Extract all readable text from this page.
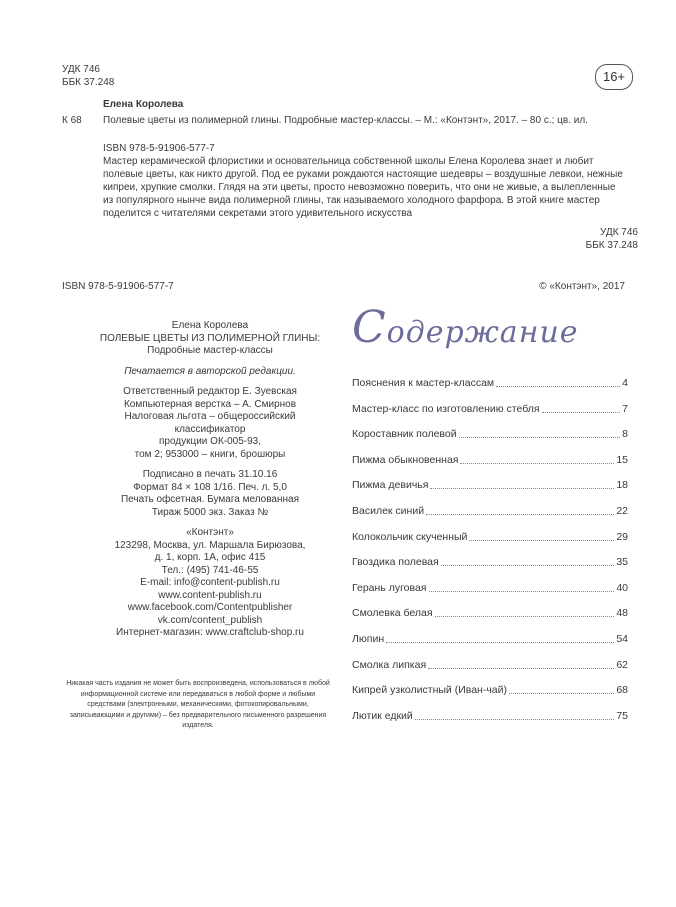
УДК 746
ББК 37.248	16+
Елена Королева
К 68 Полевые цветы из полимерной глины. Подробные мастер-классы. – М.: «Контэнт», 2017. – 80 с.; цв. ил.
ISBN 978-5-91906-577-7
Мастер керамической флористики и основательница собственной школы Елена Королева знает и любит полевые цветы, как никто другой. Под ее руками рождаются настоящие шедевры – воздушные левкои, нежные кипреи, хрупкие смолки. Глядя на эти цветы, просто невозможно поверить, что они не живые, а вылепленные из популярного нынче вида полимерной глины, так называемого холодного фарфора. В этой книге мастер поделится с читателями секретами этого удивительного искусства
УДК 746
ББК 37.248
ISBN 978-5-91906-577-7	© «Контэнт», 2017
Елена Королева
ПОЛЕВЫЕ ЦВЕТЫ ИЗ ПОЛИМЕРНОЙ ГЛИНЫ:
Подробные мастер-классы
Печатается в авторской редакции.
Ответственный редактор Е. Зуевская
Компьютерная верстка – А. Смирнов
Налоговая льгота – общероссийский классификатор
продукции ОК-005-93,
том 2; 953000 – книги, брошюры
Подписано в печать 31.10.16
Формат 84 × 108 1/16. Печ. л. 5,0
Печать офсетная. Бумага мелованная
Тираж 5000 экз. Заказ №
«Контэнт»
123298, Москва, ул. Маршала Бирюзова,
д. 1, корп. 1А, офис 415
Тел.: (495) 741-46-55
E-mail: info@content-publish.ru
www.content-publish.ru
www.facebook.com/Contentpublisher
vk.com/content_publish
Интернет-магазин: www.craftclub-shop.ru
Никакая часть издания не может быть воспроизведена, использоваться в любой информационной системе или передаваться в любой форме и любыми средствами (электронными, механическими, фотокопировальными, записывающими и другими) – без предварительного письменного разрешения издателя.
Содержание
Пояснения к мастер-классам	4
Мастер-класс по изготовлению стебля	7
Короставник полевой	8
Пижма обыкновенная	15
Пижма девичья	18
Василек синий	22
Колокольчик скученный	29
Гвоздика полевая	35
Герань луговая	40
Смолевка белая	48
Люпин	54
Смолка липкая	62
Кипрей узколистный (Иван-чай)	68
Лютик едкий	75
